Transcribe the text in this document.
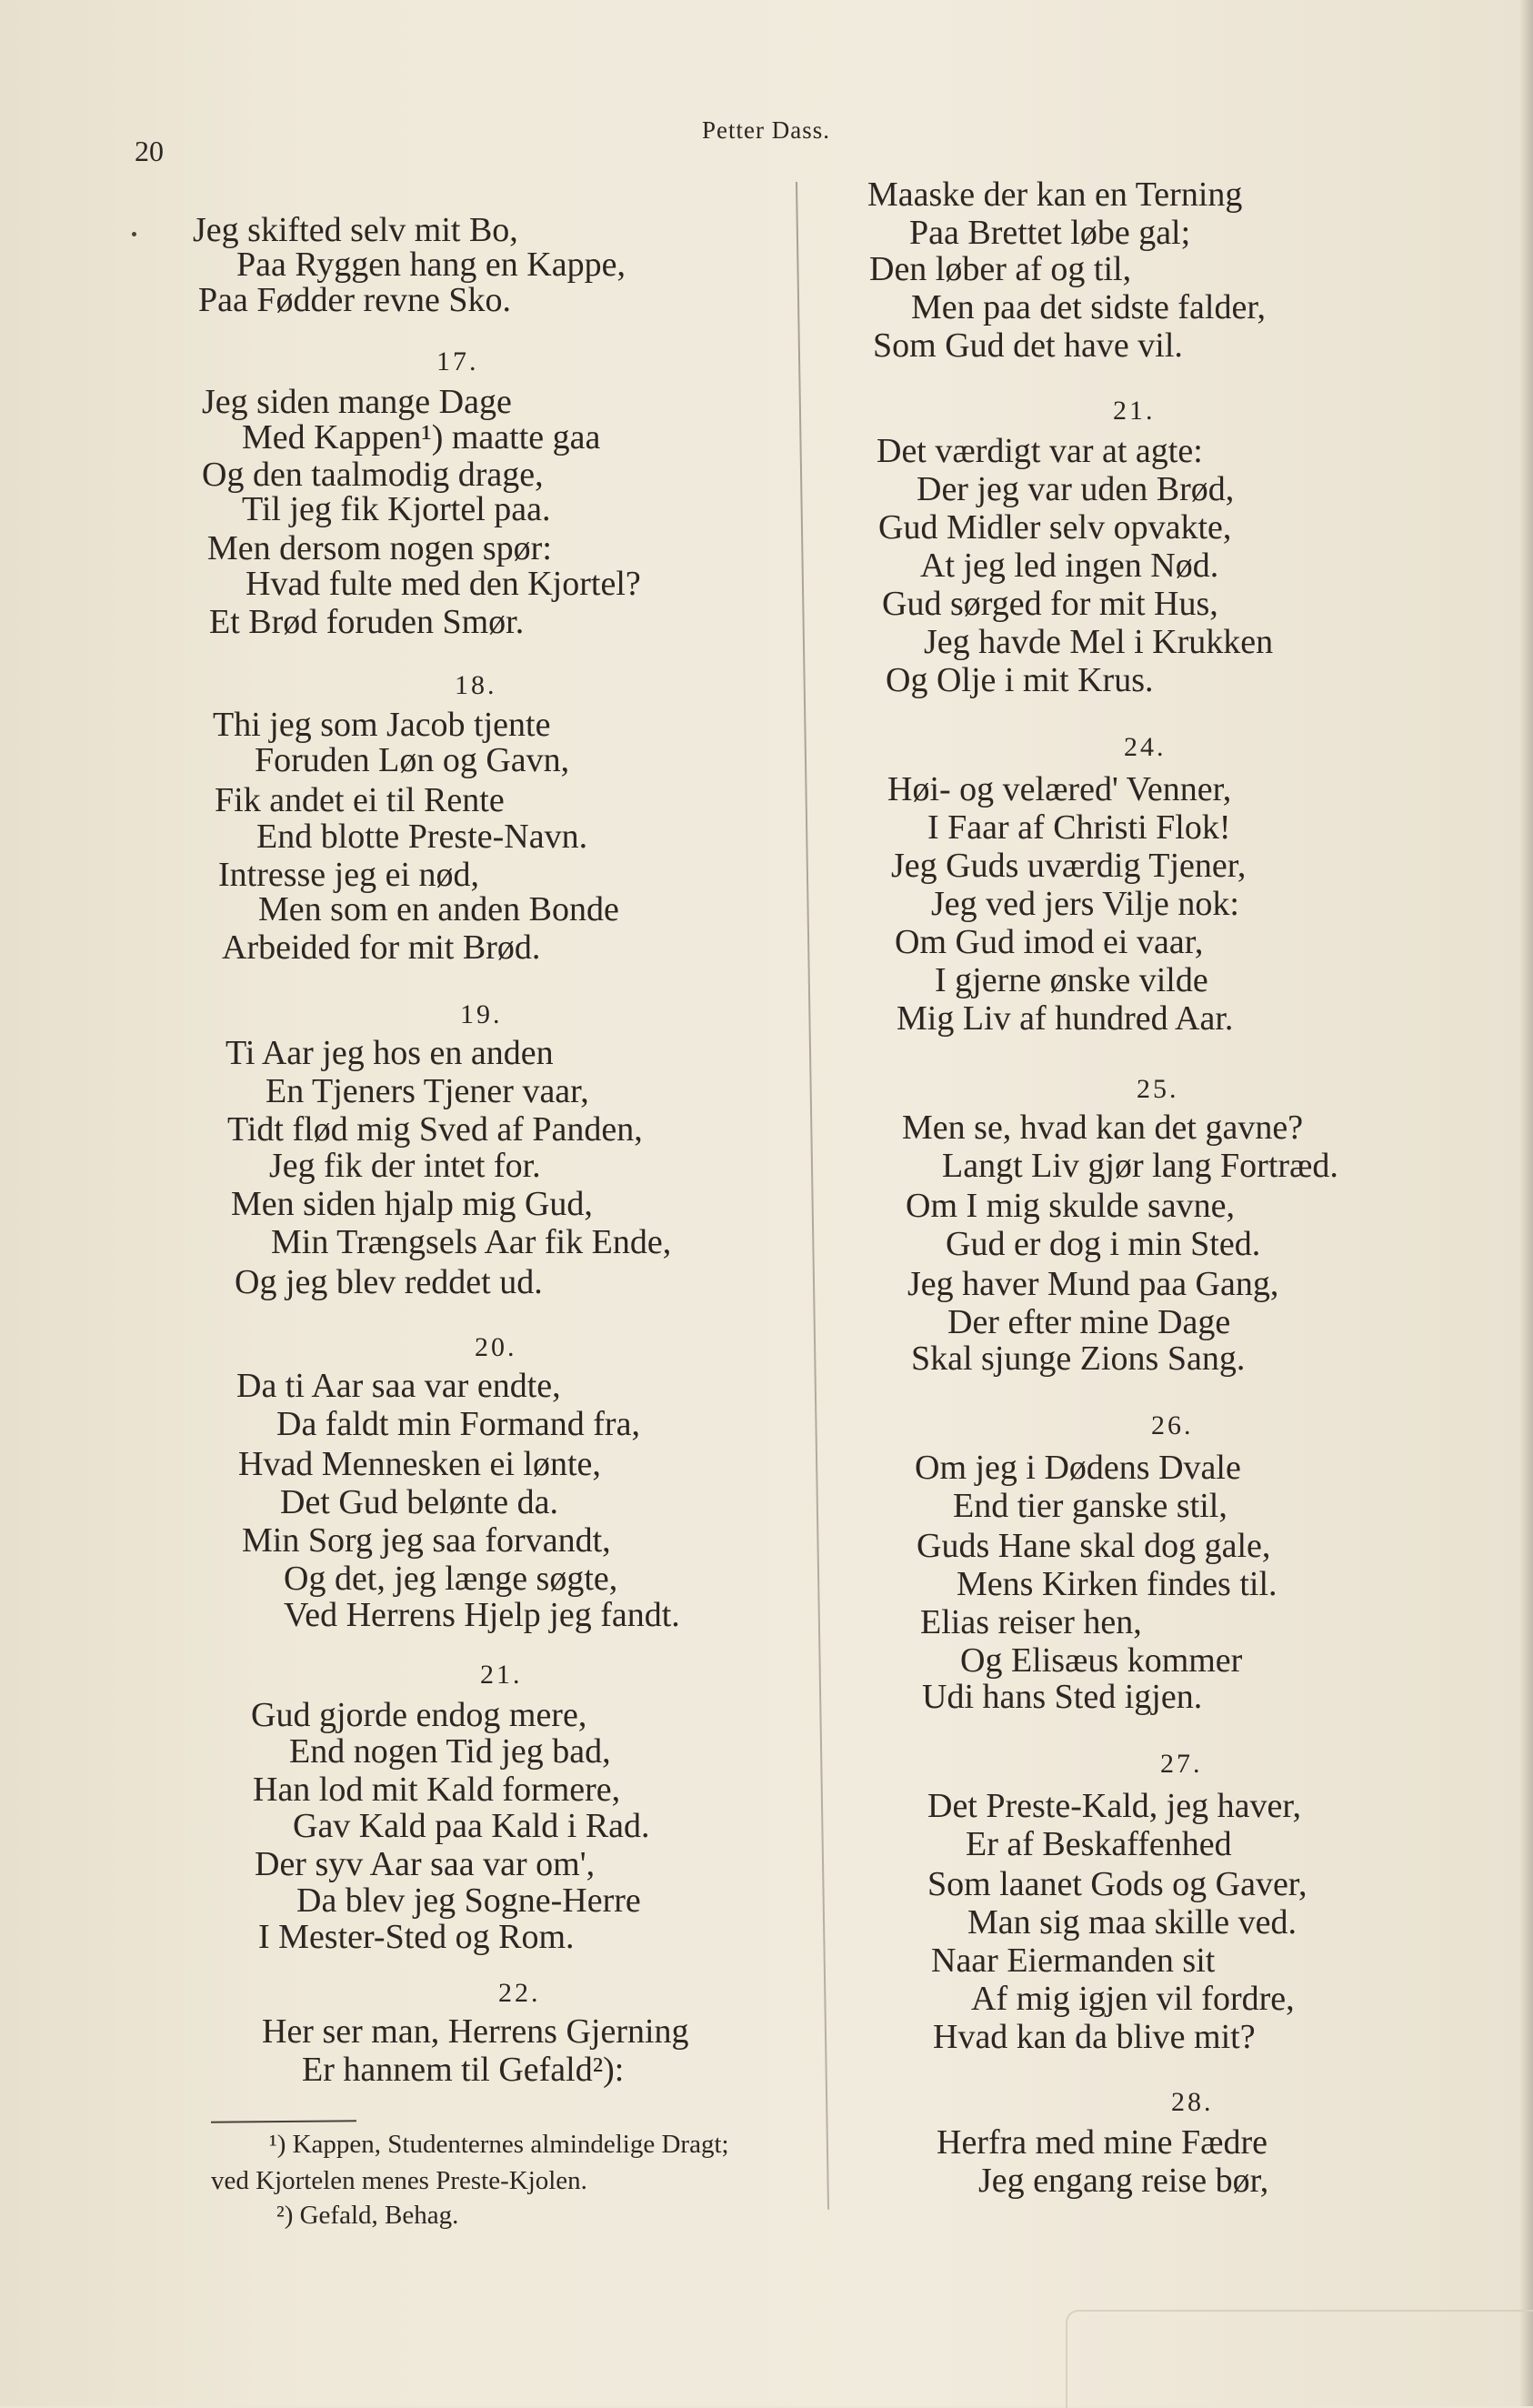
20
Petter Dass.
Jeg skifted selv mit Bo,
Paa Ryggen hang en Kappe,
Paa Fødder revne Sko.
17.
Jeg siden mange Dage
Med Kappen¹) maatte gaa
Og den taalmodig drage,
Til jeg fik Kjortel paa.
Men dersom nogen spør:
Hvad fulte med den Kjortel?
Et Brød foruden Smør.
18.
Thi jeg som Jacob tjente
Foruden Løn og Gavn,
Fik andet ei til Rente
End blotte Preste-Navn.
Intresse jeg ei nød,
Men som en anden Bonde
Arbeided for mit Brød.
19.
Ti Aar jeg hos en anden
En Tjeners Tjener vaar,
Tidt flød mig Sved af Panden,
Jeg fik der intet for.
Men siden hjalp mig Gud,
Min Trængsels Aar fik Ende,
Og jeg blev reddet ud.
20.
Da ti Aar saa var endte,
Da faldt min Formand fra,
Hvad Mennesken ei lønte,
Det Gud belønte da.
Min Sorg jeg saa forvandt,
Og det, jeg længe søgte,
Ved Herrens Hjelp jeg fandt.
21.
Gud gjorde endog mere,
End nogen Tid jeg bad,
Han lod mit Kald formere,
Gav Kald paa Kald i Rad.
Der syv Aar saa var om',
Da blev jeg Sogne-Herre
I Mester-Sted og Rom.
22.
Her ser man, Herrens Gjerning
Er hannem til Gefald²):
¹) Kappen, Studenternes almindelige Dragt;
ved Kjortelen menes Preste-Kjolen.
²) Gefald, Behag.
Maaske der kan en Terning
Paa Brettet løbe gal;
Den løber af og til,
Men paa det sidste falder,
Som Gud det have vil.
21.
Det værdigt var at agte:
Der jeg var uden Brød,
Gud Midler selv opvakte,
At jeg led ingen Nød.
Gud sørged for mit Hus,
Jeg havde Mel i Krukken
Og Olje i mit Krus.
24.
Høi- og velæred' Venner,
I Faar af Christi Flok!
Jeg Guds uværdig Tjener,
Jeg ved jers Vilje nok:
Om Gud imod ei vaar,
I gjerne ønske vilde
Mig Liv af hundred Aar.
25.
Men se, hvad kan det gavne?
Langt Liv gjør lang Fortræd.
Om I mig skulde savne,
Gud er dog i min Sted.
Jeg haver Mund paa Gang,
Der efter mine Dage
Skal sjunge Zions Sang.
26.
Om jeg i Dødens Dvale
End tier ganske stil,
Guds Hane skal dog gale,
Mens Kirken findes til.
Elias reiser hen,
Og Elisæus kommer
Udi hans Sted igjen.
27.
Det Preste-Kald, jeg haver,
Er af Beskaffenhed
Som laanet Gods og Gaver,
Man sig maa skille ved.
Naar Eiermanden sit
Af mig igjen vil fordre,
Hvad kan da blive mit?
28.
Herfra med mine Fædre
Jeg engang reise bør,
